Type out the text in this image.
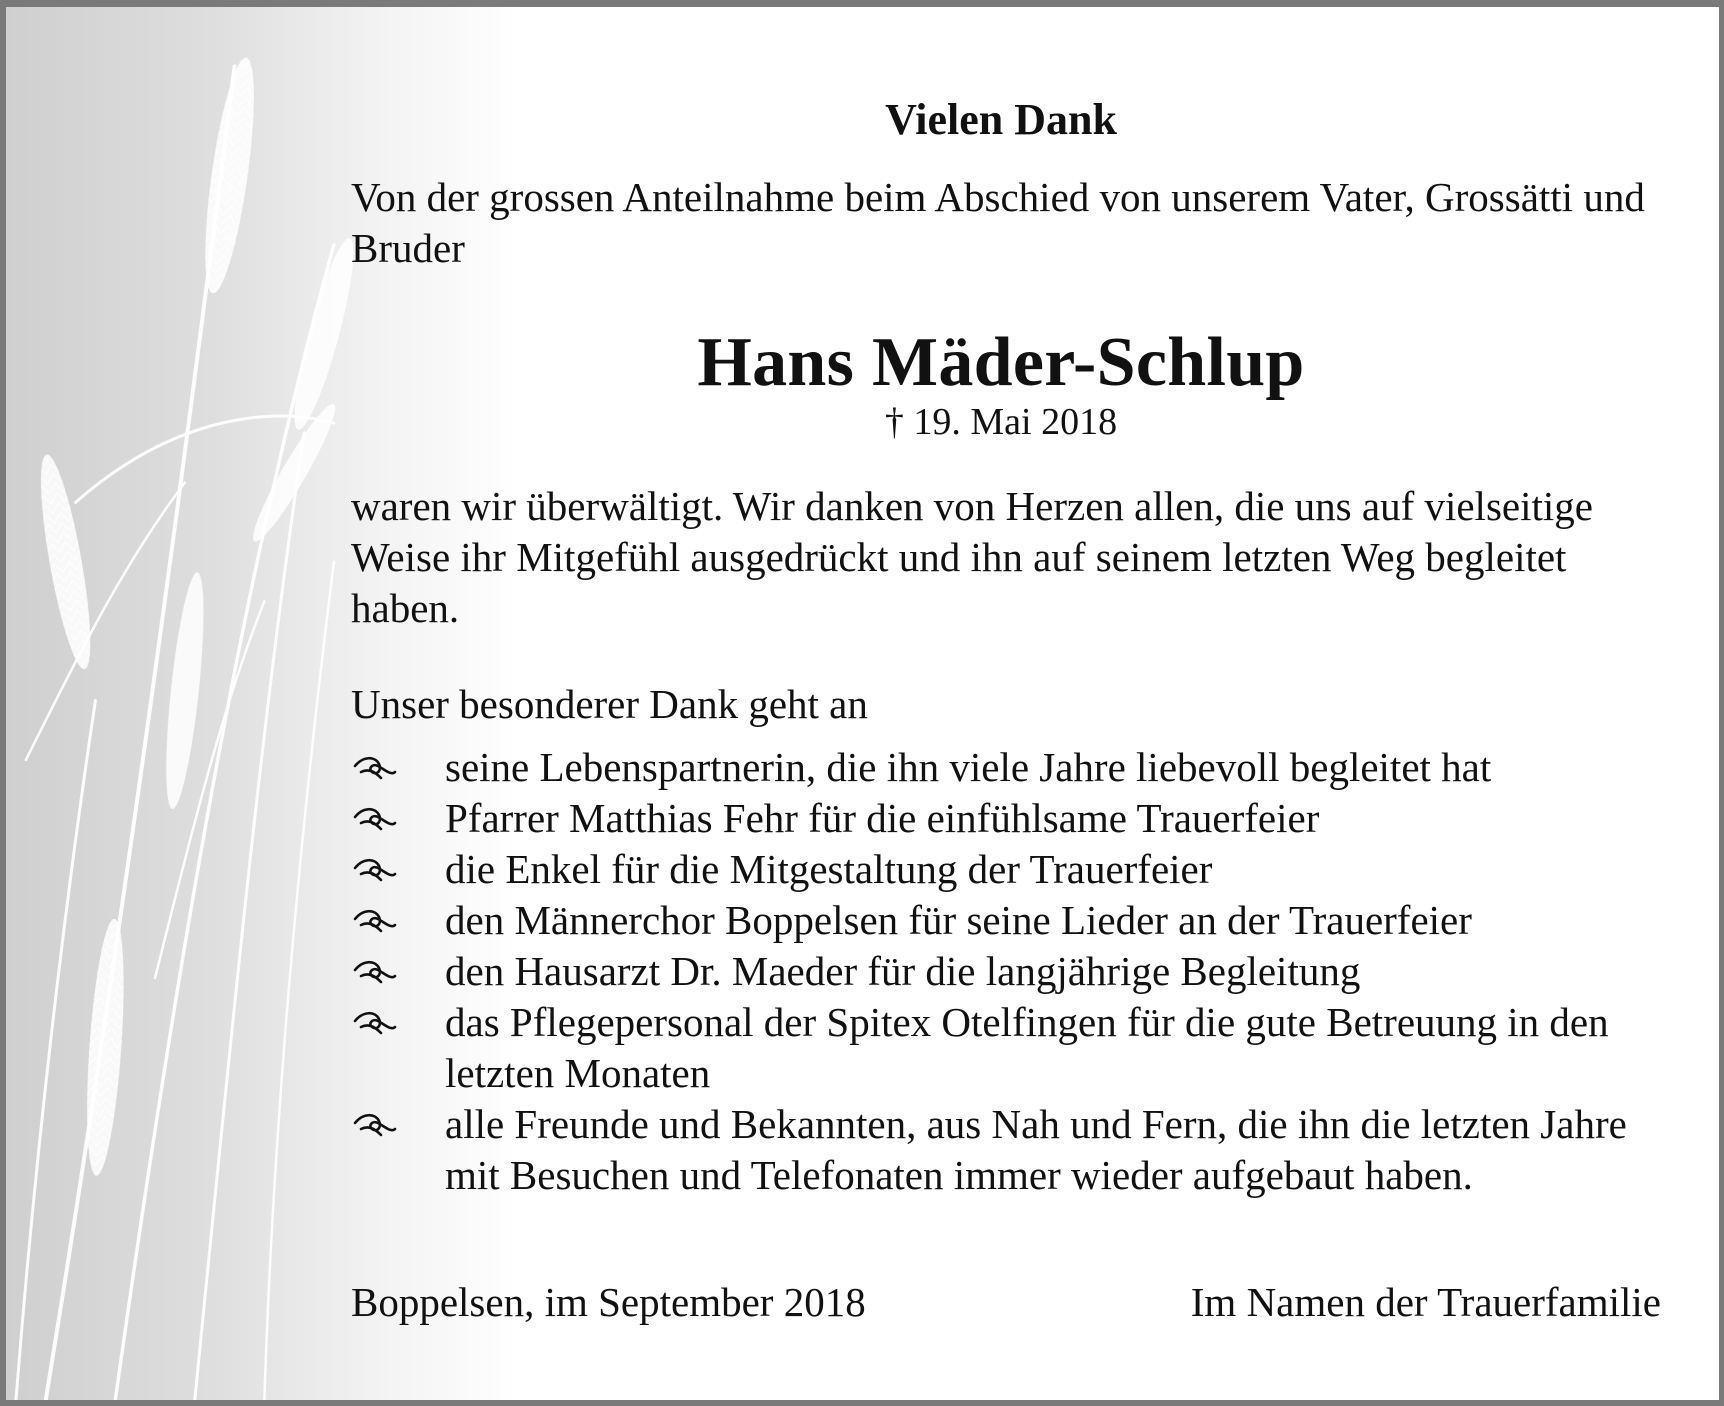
Vielen Dank

Von der grossen Anteilnahme beim Abschied von unserem Vater, Grossätti und Bruder

Hans Mäder-Schlup
† 19. Mai 2018

waren wir überwältigt. Wir danken von Herzen allen, die uns auf vielseitige Weise ihr Mitgefühl ausgedrückt und ihn auf seinem letzten Weg begleitet haben.

Unser besonderer Dank geht an

seine Lebenspartnerin, die ihn viele Jahre liebevoll begleitet hat
Pfarrer Matthias Fehr für die einfühlsame Trauerfeier
die Enkel für die Mitgestaltung der Trauerfeier
den Männerchor Boppelsen für seine Lieder an der Trauerfeier
den Hausarzt Dr. Maeder für die langjährige Begleitung
das Pflegepersonal der Spitex Otelfingen für die gute Betreuung in den letzten Monaten
alle Freunde und Bekannten, aus Nah und Fern, die ihn die letzten Jahre mit Besuchen und Telefonaten immer wieder aufgebaut haben.
Boppelsen, im September 2018	Im Namen der Trauerfamilie
